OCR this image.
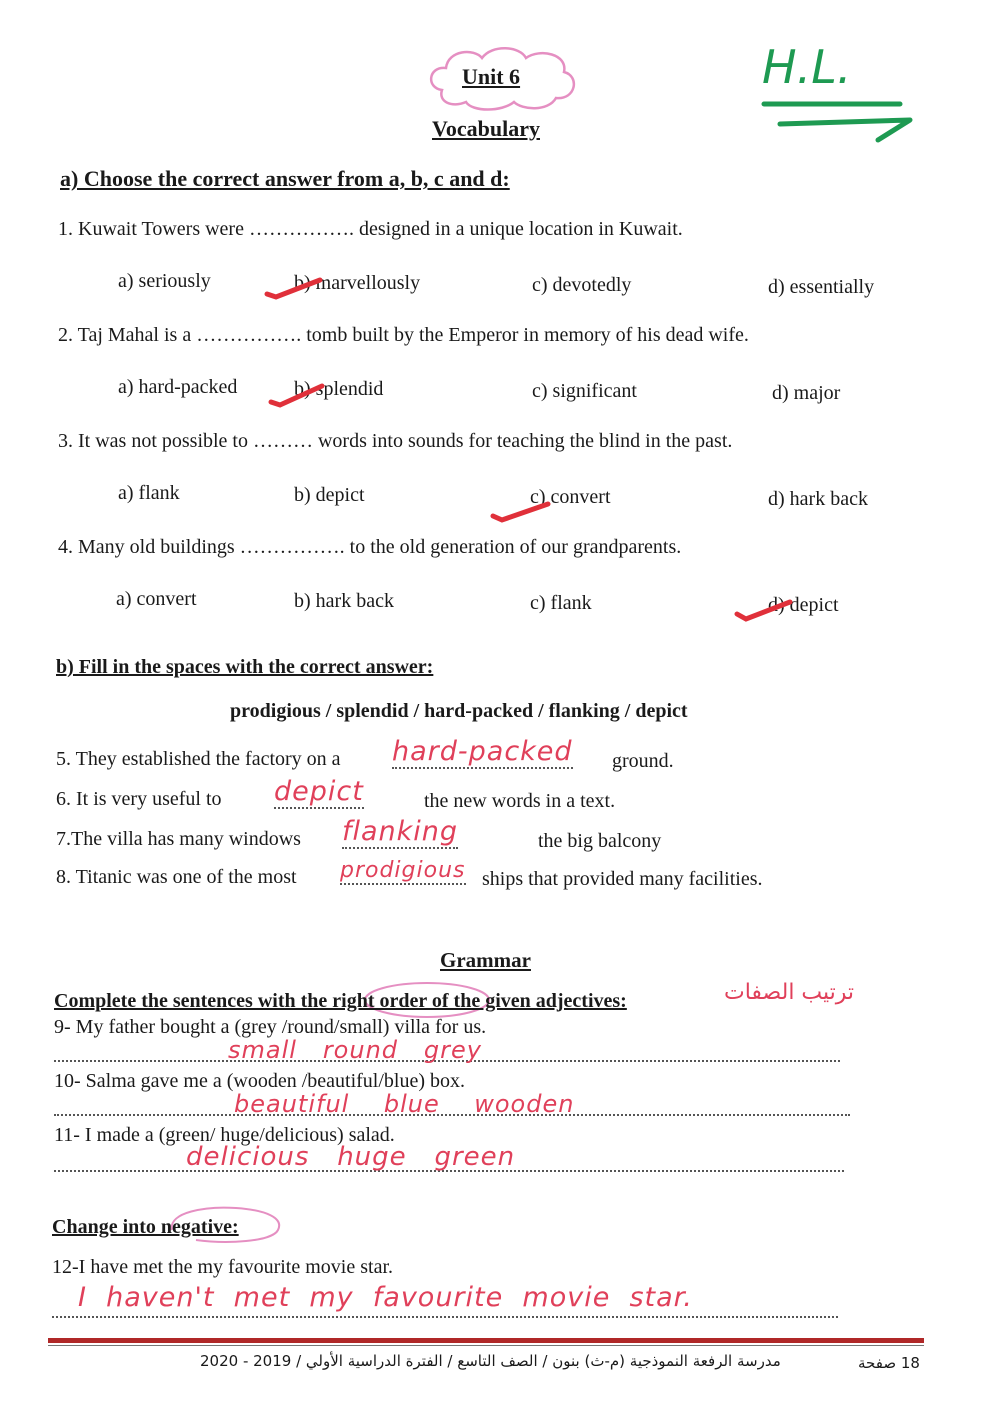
Unit 6
Vocabulary
H.L.
a) Choose the correct answer from a, b, c and d:
1. Kuwait Towers were ……………. designed in a unique location in Kuwait.
a) seriously	b) marvellously	c) devotedly	d) essentially
2. Taj Mahal is a ……………. tomb built by the Emperor in memory of his dead wife.
a) hard-packed	b) splendid	c) significant	d) major
3. It was not possible to ……… words into sounds for teaching the blind in the past.
a) flank	b) depict	c) convert	d) hark back
4. Many old buildings ……………. to the old generation of our grandparents.
a) convert	b) hark back	c) flank	d) depict
b) Fill in the spaces with the correct answer:
prodigious / splendid / hard-packed / flanking / depict
5. They established the factory on a hard-packed ground.
6. It is very useful to depict	the new words in a text.
7.The villa has many windows flanking	the big balcony
8. Titanic was one of the most prodigious ships that provided many facilities.
Grammar
Complete the sentences with the right order of the given adjectives:	ترتيب الصفات
9- My father bought a (grey /round/small) villa for us.
small   round   grey
10- Salma gave me a (wooden /beautiful/blue) box.
beautiful    blue    wooden
11- I made a (green/ huge/delicious) salad.
delicious   huge   green
Change into negative:
12-I have met the my favourite movie star.
I  haven't  met  my  favourite  movie  star.
مدرسة الرفعة النموذجية (م-ث) بنون / الصف التاسع / الفترة الدراسية الأولي / 2019 - 2020	18 صفحة
